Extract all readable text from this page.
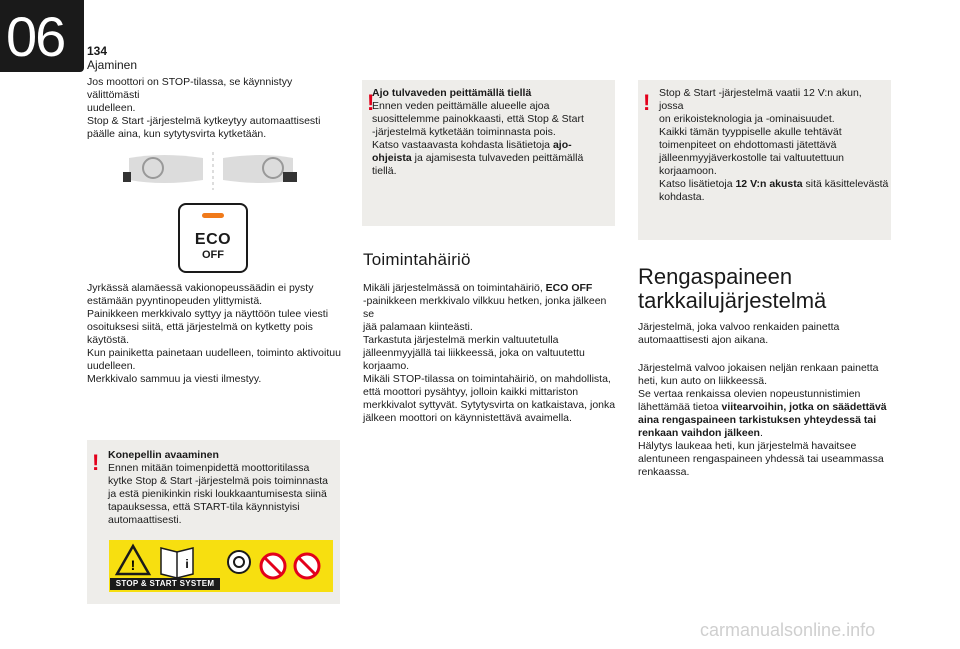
06 134
Ajaminen
Jos moottori on STOP-tilassa, se käynnistyy välittömästi
uudelleen.
Stop & Start -järjestelmä kytkeytyy automaattisesti
päälle aina, kun sytytysvirta kytketään.
ECO
OFF
Jyrkässä alamäessä vakionopeussäädin ei pysty
estämään pyyntinopeuden ylittymistä.
Painikkeen merkkivalo syttyy ja näyttöön tulee viesti
osoituksesi siitä, että järjestelmä on kytketty pois
käytöstä.
Kun painiketta painetaan uudelleen, toiminto aktivoituu
uudelleen.
Merkkivalo sammuu ja viesti ilmestyy.
! Konepellin avaaminen
Ennen mitään toimenpidettä moottoritilassa
kytke Stop & Start -järjestelmä pois toiminnasta
ja estä pienikinkin riski loukkaantumisesta siinä
tapauksessa, että START-tila käynnistyisi
automaattisesti.
!	i
STOP & START SYSTEM
!
Ajo tulvaveden peittämällä tiellä
Ennen veden peittämälle alueelle ajoa
suosittelemme painokkaasti, että Stop & Start
-järjestelmä kytketään toiminnasta pois.
Katso vastaavasta kohdasta lisätietoja ajo-
ohjeista ja ajamisesta tulvaveden peittämällä
tiellä.
Toimintahäiriö
Mikäli järjestelmässä on toimintahäiriö, ECO OFF
-painikkeen merkkivalo vilkkuu hetken, jonka jälkeen se
jää palamaan kiinteästi.
Tarkastuta järjestelmä merkin valtuutetulla
jälleenmyyjällä tai liikkeessä, joka on valtuutettu
korjaamo.
Mikäli STOP-tilassa on toimintahäiriö, on mahdollista,
että moottori pysähtyy, jolloin kaikki mittariston
merkkivalot syttyvät. Sytytysvirta on katkaistava, jonka
jälkeen moottori on käynnistettävä avaimella.
! Stop & Start -järjestelmä vaatii 12 V:n akun, jossa
on erikoisteknologia ja -ominaisuudet.
Kaikki tämän tyyppiselle akulle tehtävät
toimenpiteet on ehdottomasti jätettävä
jälleenmyyjäverkostolle tai valtuutettuun
korjaamoon.
Katso lisätietoja 12 V:n akusta sitä käsittelevästä
kohdasta.
Rengaspaineen
tarkkailujärjestelmä
Järjestelmä, joka valvoo renkaiden painetta
automaattisesti ajon aikana.
Järjestelmä valvoo jokaisen neljän renkaan painetta
heti, kun auto on liikkeessä.
Se vertaa renkaissa olevien nopeustunnistimien
lähettämää tietoa viitearvoihin, jotka on säädettävä
aina rengaspaineen tarkistuksen yhteydessä tai
renkaan vaihdon jälkeen.
Hälytys laukeaa heti, kun järjestelmä havaitsee
alentuneen rengaspaineen yhdessä tai useammassa
renkaassa.
carmanualsonline.info
